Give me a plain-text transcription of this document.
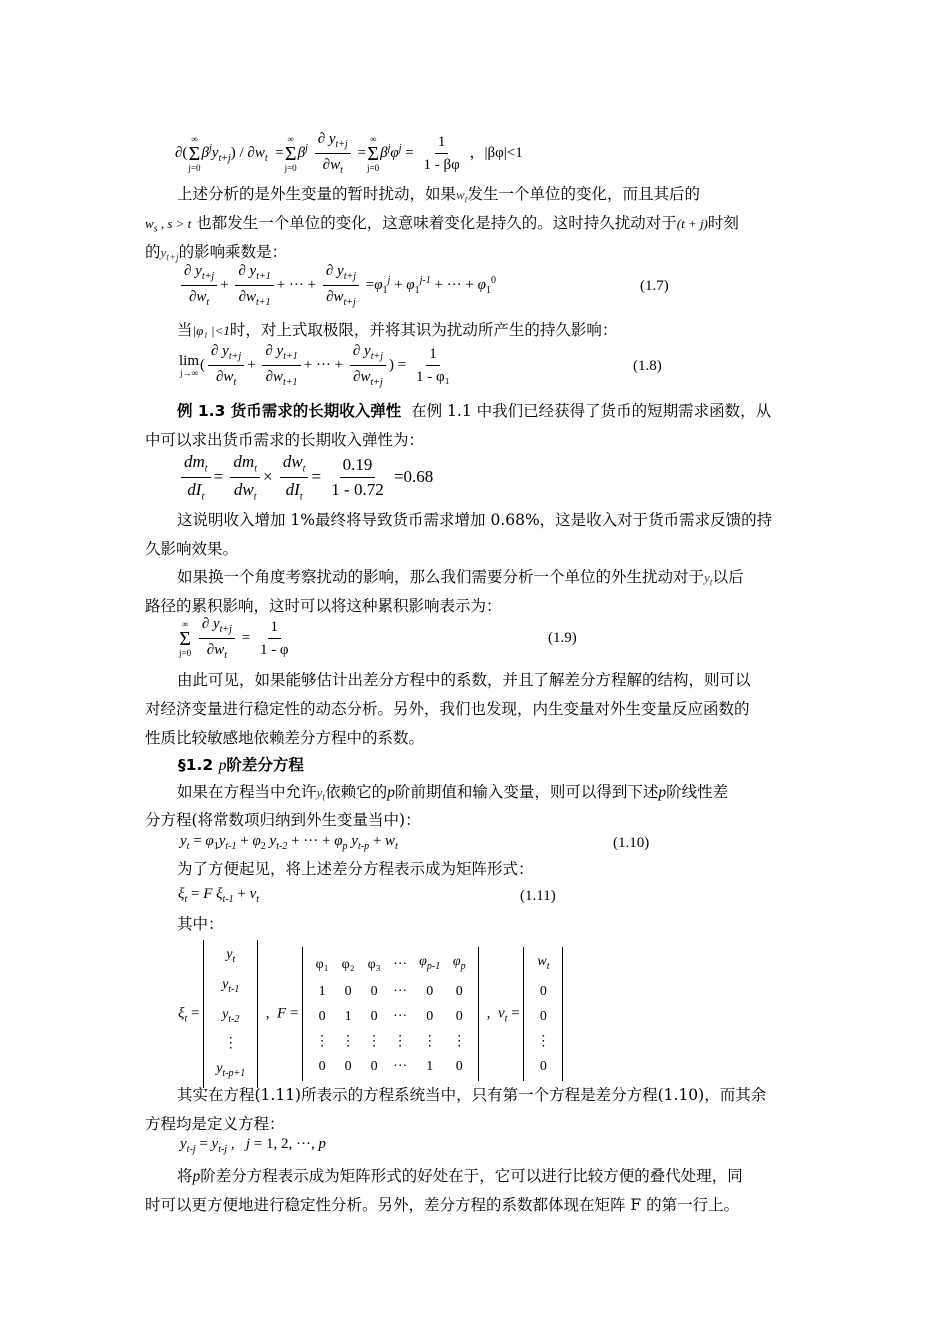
∂(
∞
Σ
j=0
$\beta^jy_{t+j}) / \partial w_t$  =
∞
Σ
j=0
$\beta^j \frac{\partial y_{t+j}}{\partial w_t}$ =
∞
Σ
j=0
$\beta^j\varphi^j = \frac{1}{1 - \beta\varphi}$ ，|βφ|<1
上述分析的是外生变量的暂时扰动，如果$w_t$发生一个单位的变化，而且其后的
$w_s$ , s > t 也都发生一个单位的变化，这意味着变化是持久的。这时持久扰动对于(t + j)时刻
的$y_{t+j}$的影响乘数是：
$\frac{\partial y_{t+j}}{\partial w_t} + \frac{\partial y_{t+1}}{\partial w_{t+1}}$ + ··· + $\frac{\partial y_{t+j}}{\partial w_{t+j}} =\varphi_1^j + \varphi_1^{j-1}$ + ··· + $\varphi_1^0$	(1.7)
当|φ₁ |<1时，对上式取极限，并将其识为扰动所产生的持久影响：
lim
j→∞ ( $\frac{\partial y_{t+j}}{\partial w_t} + \frac{\partial y_{t+1}}{\partial w_{t+1}}$ + ··· + $\frac{\partial y_{t+j}}{\partial w_{t+j}}$ ) = $\frac{1}{\text{1 - φ₁}}$	(1.8)
例 1.3 货币需求的长期收入弹性 在例 1.1 中我们已经获得了货币的短期需求函数，从
中可以求出货币需求的长期收入弹性为：
$\frac{dm_t}{dI_t} = \frac{dm_t}{dw_t} \times \frac{dw_t}{dI_t} = \frac{0.19}{1 - 0.72} =0.68$
这说明收入增加 1%最终将导致货币需求增加 0.68%，这是收入对于货币需求反馈的持
久影响效果。
如果换一个角度考察扰动的影响，那么我们需要分析一个单位的外生扰动对于$y_t$以后
路径的累积影响，这时可以将这种累积影响表示为：
∞
Σ
j=0
$\frac{\partial y_{t+j}}{\partial w_t} = \frac{1}{1 - \varphi}$	(1.9)
由此可见，如果能够估计出差分方程中的系数，并且了解差分方程解的结构，则可以
对经济变量进行稳定性的动态分析。另外，我们也发现，内生变量对外生变量反应函数的
性质比较敏感地依赖差分方程中的系数。
§1.2 p阶差分方程
如果在方程当中允许$y_t$依赖它的p阶前期值和输入变量，则可以得到下述p阶线性差
分方程(将常数项归纳到外生变量当中)：
$y_t = \varphi_1y_{t-1} + \varphi_2$ $y_{t-2}$ + ··· + $\varphi_p$ $y_{t-p} + w_t$	(1.10)
为了方便起见，将上述差分方程表示成为矩阵形式：
$\xi_t = F$ $\xi_{t-1} + v_t$	(1.11)
其中：
$\xi_t$ =
$y_t$
$y_{t-1}$
$y_{t-2}$
⋮
$y_{t-p+1}$
,  F =
φ₁	φ₂	φ₃	···	$\varphi_{p-1}$	$\varphi_p$
1	0	0	···	0	0
0	1	0	···	0	0
⋮	⋮	⋮	⋮	⋮	⋮
0	0	0	···	1	0
,  $v_t$ =
$w_t$
0
0
⋮
0
其实在方程(1.11)所表示的方程系统当中，只有第一个方程是差分方程(1.10)，而其余
方程均是定义方程：
$y_{t-j} = y_{t-j}$ ,   j = 1, 2, ···, p
将p阶差分方程表示成为矩阵形式的好处在于，它可以进行比较方便的叠代处理，同
时可以更方便地进行稳定性分析。另外，差分方程的系数都体现在矩阵 F 的第一行上。
